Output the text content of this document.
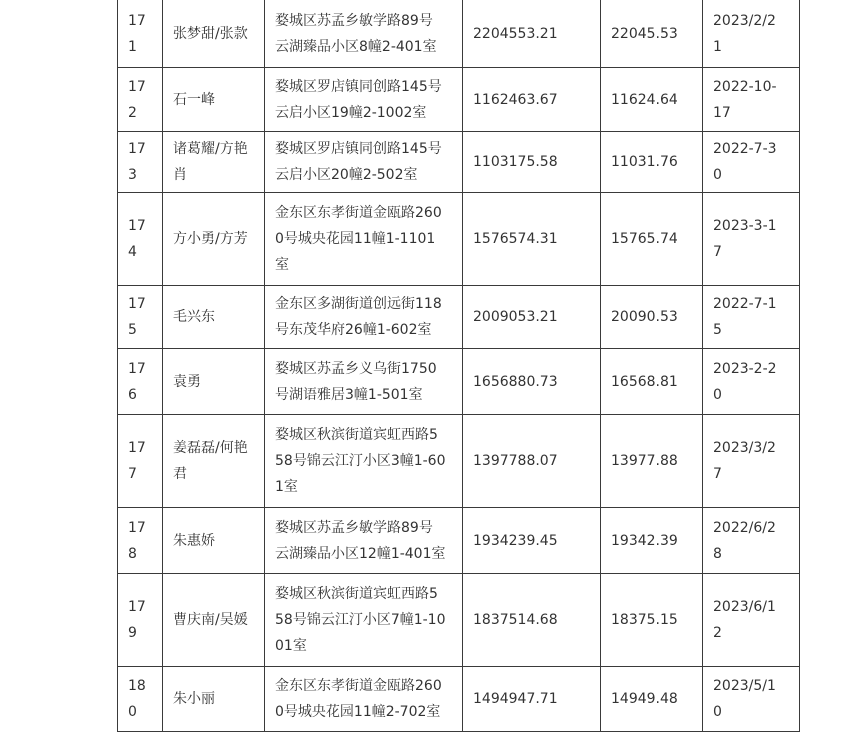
17
1	张梦甜/张款	婺城区苏孟乡敏学路89号
云湖臻品小区8幢2-401室	2204553.21	22045.53	2023/2/2
1

17
2	石一峰	婺城区罗店镇同创路145号
云启小区19幢2-1002室	1162463.67	11624.64	2022-10-
17

17
3	诸葛耀/方艳
肖	婺城区罗店镇同创路145号
云启小区20幢2-502室	1103175.58	11031.76	2022-7-3
0

17
4	方小勇/方芳	金东区东孝街道金瓯路260
0号城央花园11幢1-1101
室	1576574.31	15765.74	2023-3-1
7

17
5	毛兴东	金东区多湖街道创远街118
号东茂华府26幢1-602室	2009053.21	20090.53	2022-7-1
5

17
6	袁勇	婺城区苏孟乡义乌街1750
号湖语雅居3幢1-501室	1656880.73	16568.81	2023-2-2
0

17
7	姜磊磊/何艳
君	婺城区秋滨街道宾虹西路5
58号锦云江汀小区3幢1-60
1室	1397788.07	13977.88	2023/3/2
7

17
8	朱惠娇	婺城区苏孟乡敏学路89号
云湖臻品小区12幢1-401室	1934239.45	19342.39	2022/6/2
8

17
9	曹庆南/吴媛	婺城区秋滨街道宾虹西路5
58号锦云江汀小区7幢1-10
01室	1837514.68	18375.15	2023/6/1
2

18
0	朱小丽	金东区东孝街道金瓯路260
0号城央花园11幢2-702室	1494947.71	14949.48	2023/5/1
0
